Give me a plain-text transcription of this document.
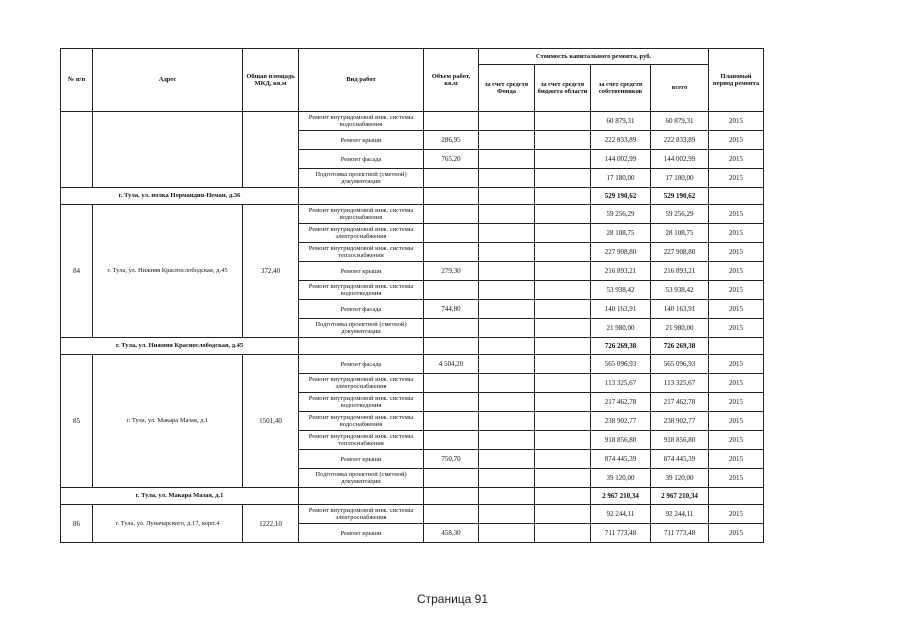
№ п/п	Адрес	Общая площадь МКД, кв.м	Вид работ	Объем работ, кв.м	Стоимость капитального ремонта, руб.				Плановый период ремонта
					за счет средств Фонда	за счет средств бюджета области	за счет средств собственников	всего	
			Ремонт внутридомовой инж. системы водоснабжения				60 879,31	60 879,31	2015
			Ремонт крыши	286,95			222 833,89	222 833,89	2015
			Ремонт фасада	765,20			144 002,99	144 002,99	2015
			Подготовка проектной (сметной) документации				17 180,00	17 180,00	2015
г. Тула, ул. полка Нормандия-Неман, д.36							529 190,62	529 190,62	
84	г. Тула, ул. Нижняя Краснослободская, д.45	372,40	Ремонт внутридомовой инж. системы водоснабжения				59 256,29	59 256,29	2015
			Ремонт внутридомовой инж. системы электроснабжения				28 108,75	28 108,75	2015
			Ремонт внутридомовой инж. системы теплоснабжения				227 908,80	227 908,80	2015
			Ремонт крыши	279,30			216 893,21	216 893,21	2015
			Ремонт внутридомовой инж. системы водоотведения				53 938,42	53 938,42	2015
			Ремонт фасада	744,80			140 163,91	140 163,91	2015
			Подготовка проектной (сметной) документации				21 980,00	21 980,00	2015
г. Тула, ул. Нижняя Краснослободская, д.45							726 269,38	726 269,38	
85	г. Тула, ул. Макара Мазая, д.1	1501,40	Ремонт фасада	4 504,20			565 096,93	565 096,93	2015
			Ремонт внутридомовой инж. системы электроснабжения				113 325,67	113 325,67	2015
			Ремонт внутридомовой инж. системы водоотведения				217 462,78	217 462,78	2015
			Ремонт внутридомовой инж. системы водоснабжения				238 902,77	238 902,77	2015
			Ремонт внутридомовой инж. системы теплоснабжения				918 856,80	918 856,80	2015
			Ремонт крыши	750,70			874 445,39	874 445,39	2015
			Подготовка проектной (сметной) документации				39 120,00	39 120,00	2015
г. Тула, ул. Макара Мазая, д.1							2 967 210,34	2 967 210,34	
86	г. Тула, ул. Луначарского, д.17, корп.4	1222,10	Ремонт внутридомовой инж. системы электроснабжения				92 244,11	92 244,11	2015
			Ремонт крыши	458,30			711 773,48	711 773,48	2015
Страница 91
